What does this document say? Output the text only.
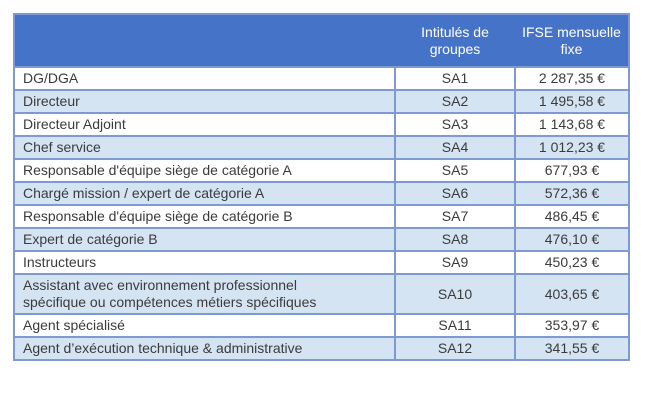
	Intitulés de groupes	IFSE mensuelle fixe
DG/DGA	SA1	2 287,35 €
Directeur	SA2	1 495,58 €
Directeur Adjoint	SA3	1 143,68 €
Chef service	SA4	1 012,23 €
Responsable d'équipe siège de catégorie A	SA5	677,93 €
Chargé mission / expert de catégorie A	SA6	572,36 €
Responsable d'équipe siège de catégorie B	SA7	486,45 €
Expert de catégorie B	SA8	476,10 €
Instructeurs	SA9	450,23 €
Assistant avec environnement professionnel
spécifique ou compétences métiers spécifiques	SA10	403,65 €
Agent spécialisé	SA11	353,97 €
Agent d’exécution technique & administrative	SA12	341,55 €
